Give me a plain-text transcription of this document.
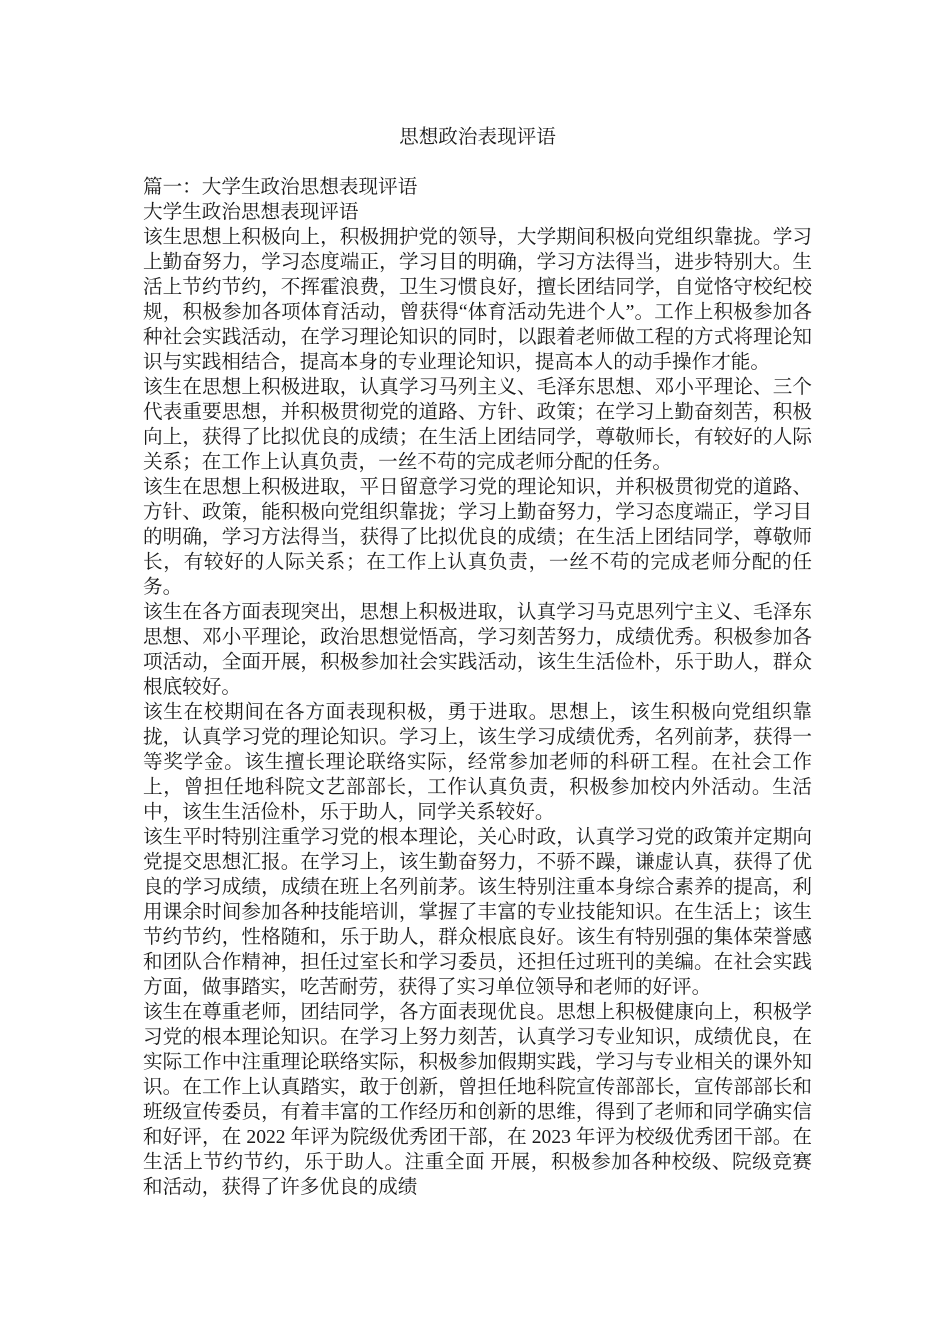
思想政治表现评语
篇一：大学生政治思想表现评语
大学生政治思想表现评语

该生思想上积极向上，积极拥护党的领导，大学期间积极向党组织靠拢。学习上勤奋努力，学习态度端正，学习目的明确，学习方法得当，进步特别大。生活上节约节约，不挥霍浪费，卫生习惯良好，擅长团结同学，自觉恪守校纪校规，积极参加各项体育活动，曾获得“体育活动先进个人”。工作上积极参加各种社会实践活动，在学习理论知识的同时，以跟着老师做工程的方式将理论知识与实践相结合，提高本身的专业理论知识，提高本人的动手操作才能。

该生在思想上积极进取，认真学习马列主义、毛泽东思想、邓小平理论、三个代表重要思想，并积极贯彻党的道路、方针、政策；在学习上勤奋刻苦，积极向上，获得了比拟优良的成绩；在生活上团结同学，尊敬师长，有较好的人际关系；在工作上认真负责，一丝不苟的完成老师分配的任务。

该生在思想上积极进取，平日留意学习党的理论知识，并积极贯彻党的道路、方针、政策，能积极向党组织靠拢；学习上勤奋努力，学习态度端正，学习目的明确，学习方法得当，获得了比拟优良的成绩；在生活上团结同学，尊敬师长，有较好的人际关系；在工作上认真负责，一丝不苟的完成老师分配的任务。

该生在各方面表现突出，思想上积极进取，认真学习马克思列宁主义、毛泽东思想、邓小平理论，政治思想觉悟高，学习刻苦努力，成绩优秀。积极参加各项活动，全面开展，积极参加社会实践活动，该生生活俭朴，乐于助人，群众根底较好。

该生在校期间在各方面表现积极，勇于进取。思想上，该生积极向党组织靠拢，认真学习党的理论知识。学习上，该生学习成绩优秀，名列前茅，获得一等奖学金。该生擅长理论联络实际，经常参加老师的科研工程。在社会工作上，曾担任地科院文艺部部长，工作认真负责，积极参加校内外活动。生活中，该生生活俭朴，乐于助人，同学关系较好。

该生平时特别注重学习党的根本理论，关心时政，认真学习党的政策并定期向党提交思想汇报。在学习上，该生勤奋努力，不骄不躁，谦虚认真，获得了优良的学习成绩，成绩在班上名列前茅。该生特别注重本身综合素养的提高，利用课余时间参加各种技能培训，掌握了丰富的专业技能知识。在生活上；该生节约节约，性格随和，乐于助人，群众根底良好。该生有特别强的集体荣誉感和团队合作精神，担任过室长和学习委员，还担任过班刊的美编。在社会实践方面，做事踏实，吃苦耐劳，获得了实习单位领导和老师的好评。

该生在尊重老师，团结同学，各方面表现优良。思想上积极健康向上，积极学习党的根本理论知识。在学习上努力刻苦，认真学习专业知识，成绩优良，在实际工作中注重理论联络实际，积极参加假期实践，学习与专业相关的课外知识。在工作上认真踏实，敢于创新，曾担任地科院宣传部部长，宣传部部长和班级宣传委员，有着丰富的工作经历和创新的思维，得到了老师和同学确实信和好评，在 2022 年评为院级优秀团干部，在 2023 年评为校级优秀团干部。在生活上节约节约，乐于助人。注重全面 开展，积极参加各种校级、院级竞赛和活动，获得了许多优良的成绩
